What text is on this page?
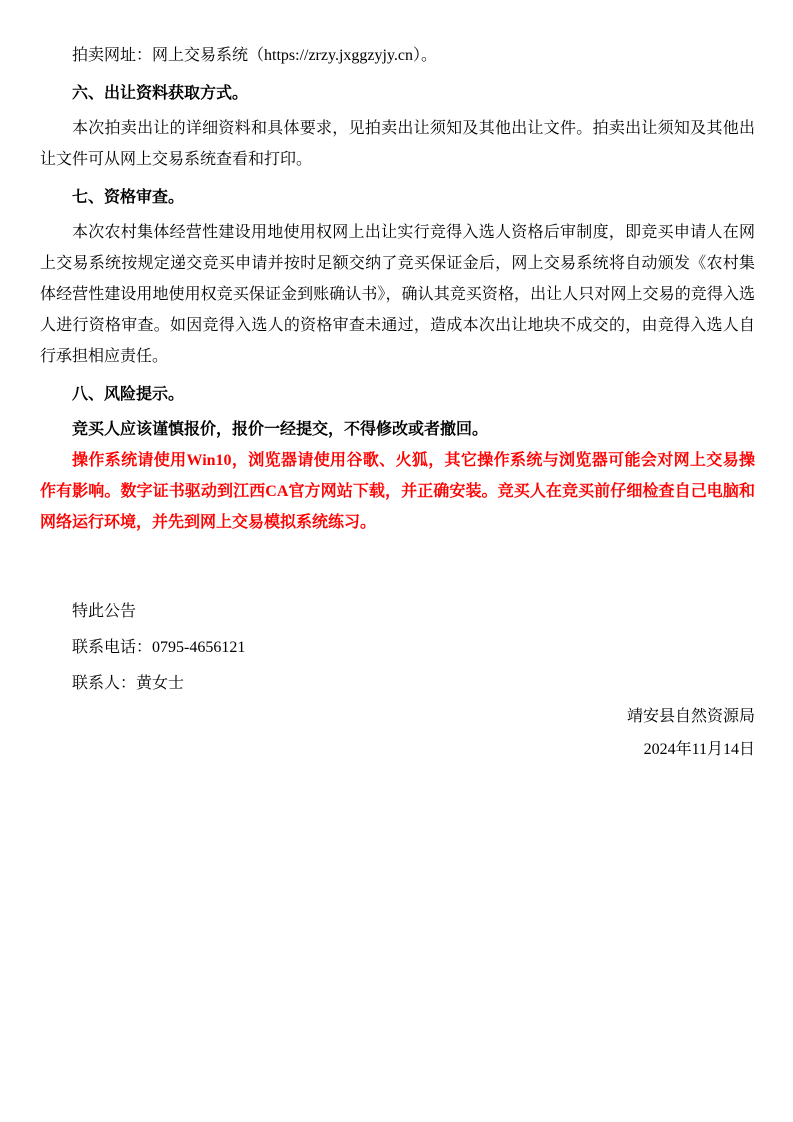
拍卖网址：网上交易系统（https://zrzy.jxggzyjy.cn）。

六、出让资料获取方式。

本次拍卖出让的详细资料和具体要求，见拍卖出让须知及其他出让文件。拍卖出让须知及其他出让文件可从网上交易系统查看和打印。

七、资格审查。

本次农村集体经营性建设用地使用权网上出让实行竞得入选人资格后审制度，即竞买申请人在网上交易系统按规定递交竞买申请并按时足额交纳了竞买保证金后，网上交易系统将自动颁发《农村集体经营性建设用地使用权竞买保证金到账确认书》，确认其竞买资格，出让人只对网上交易的竞得入选人进行资格审查。如因竞得入选人的资格审查未通过，造成本次出让地块不成交的，由竞得入选人自行承担相应责任。

八、风险提示。

竞买人应该谨慎报价，报价一经提交，不得修改或者撤回。

操作系统请使用Win10，浏览器请使用谷歌、火狐，其它操作系统与浏览器可能会对网上交易操作有影响。数字证书驱动到江西CA官方网站下载，并正确安装。竞买人在竞买前仔细检查自己电脑和网络运行环境，并先到网上交易模拟系统练习。

特此公告

联系电话：0795-4656121

联系人：黄女士

靖安县自然资源局

2024年11月14日
